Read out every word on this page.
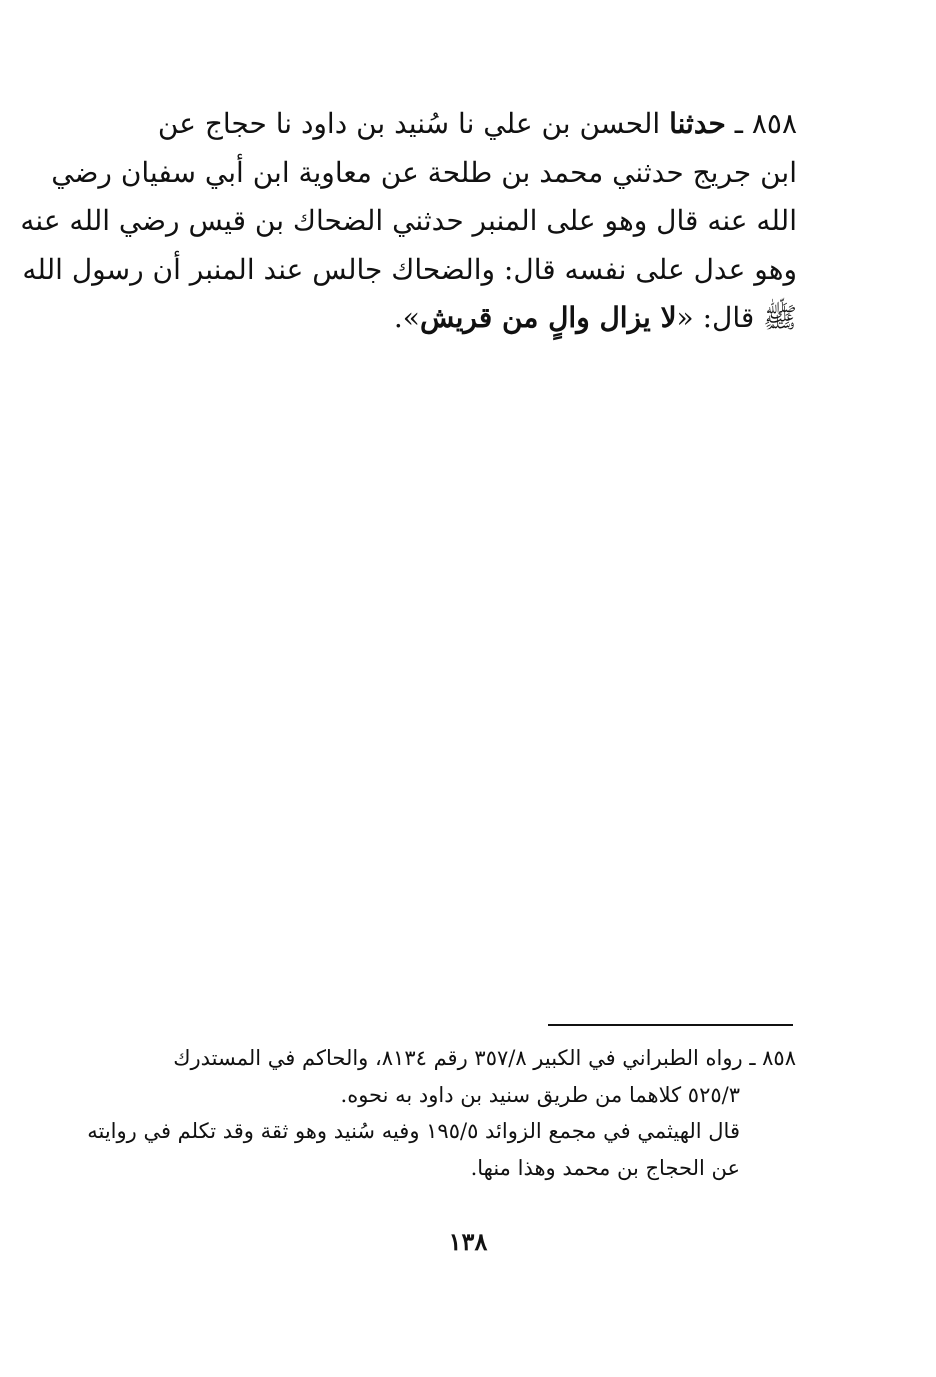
٨٥٨ ـ حدثنا الحسن بن علي نا سُنيد بن داود نا حجاج عن
ابن جريج حدثني محمد بن طلحة عن معاوية ابن أبي سفيان رضي
الله عنه قال وهو على المنبر حدثني الضحاك بن قيس رضي الله عنه
وهو عدل على نفسه قال: والضحاك جالس عند المنبر أن رسول الله
ﷺ قال: «لا يزال والٍ من قريش».
٨٥٨ ـ رواه الطبراني في الكبير ٣٥٧/٨ رقم ٨١٣٤، والحاكم في المستدرك
٥٢٥/٣ كلاهما من طريق سنيد بن داود به نحوه.
قال الهيثمي في مجمع الزوائد ١٩٥/٥ وفيه سُنيد وهو ثقة وقد تكلم في روايته
عن الحجاج بن محمد وهذا منها.
١٣٨
